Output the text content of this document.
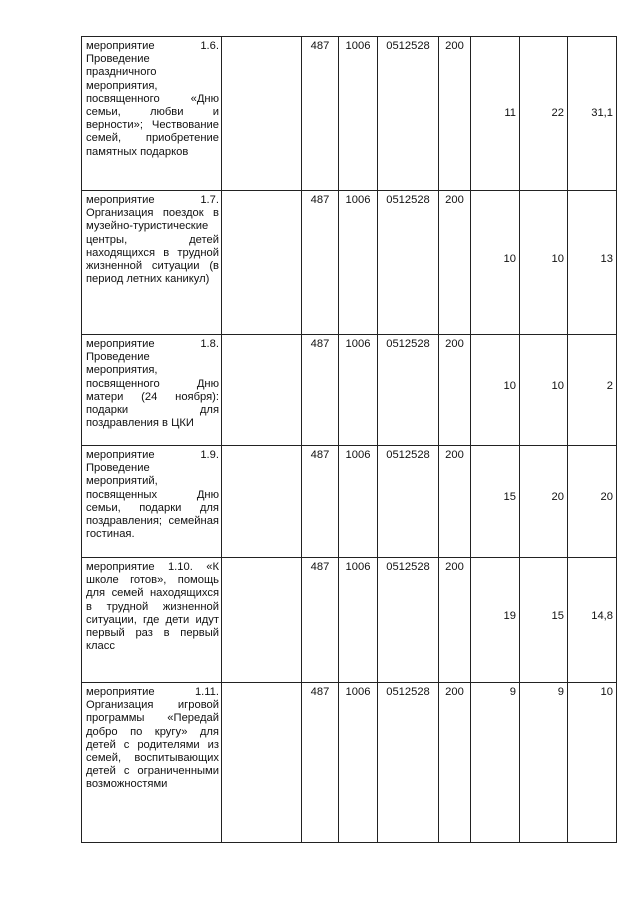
мероприятие 1.6. Проведение праздничного мероприятия, посвященного «Дню семьи, любви и верности»; Чествование семей, приобретение памятных подарков		487	1006	0512528	200	11	22	31,1

мероприятие 1.7. Организация поездок в музейно-туристические центры, детей находящихся в трудной жизненной ситуации (в период летних каникул)		487	1006	0512528	200	10	10	13

мероприятие 1.8. Проведение мероприятия, посвященного Дню матери (24 ноября): подарки для поздравления в ЦКИ		487	1006	0512528	200	10	10	2

мероприятие 1.9. Проведение мероприятий, посвященных Дню семьи, подарки для поздравления; семейная гостиная.		487	1006	0512528	200	15	20	20

мероприятие 1.10. «К школе готов», помощь для семей находящихся в трудной жизненной ситуации, где дети идут первый раз в первый класс		487	1006	0512528	200	19	15	14,8

мероприятие 1.11. Организация игровой программы «Передай добро по кругу» для детей с родителями из семей, воспитывающих детей с ограниченными возможностями		487	1006	0512528	200	9	9	10
